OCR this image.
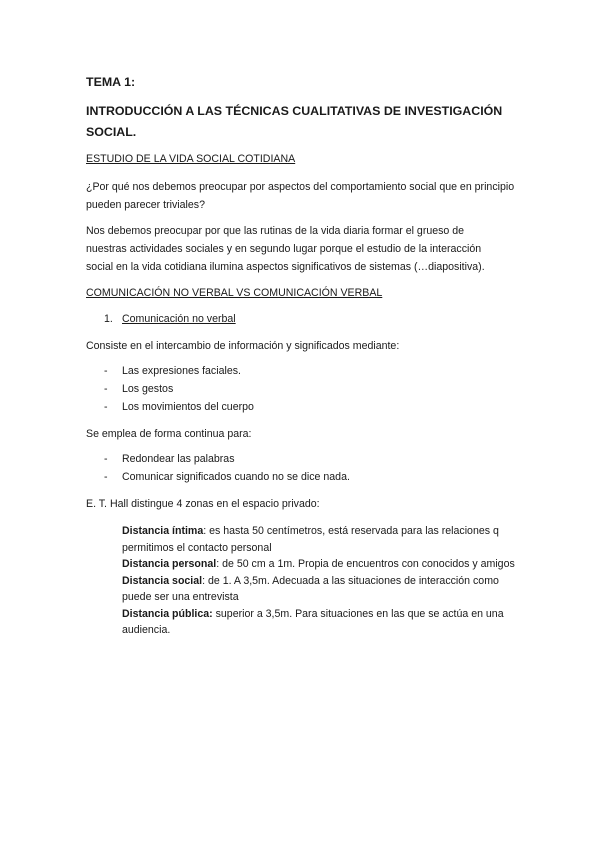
TEMA 1:
INTRODUCCIÓN A LAS TÉCNICAS CUALITATIVAS DE INVESTIGACIÓN SOCIAL.
ESTUDIO DE LA VIDA SOCIAL COTIDIANA
¿Por qué nos debemos preocupar por aspectos del comportamiento social que en principio pueden parecer triviales?
Nos debemos preocupar por que las rutinas de la vida diaria formar el grueso de nuestras actividades sociales y en segundo lugar porque el estudio de la interacción social en la vida cotidiana ilumina aspectos significativos de sistemas (…diapositiva).
COMUNICACIÓN NO VERBAL VS COMUNICACIÓN VERBAL
1. Comunicación no verbal
Consiste en el intercambio de información y significados mediante:
- Las expresiones faciales.
- Los gestos
- Los movimientos del cuerpo
Se emplea de forma continua para:
- Redondear las palabras
- Comunicar significados cuando no se dice nada.
E. T. Hall distingue 4 zonas en el espacio privado:
Distancia íntima: es hasta 50 centímetros, está reservada para las relaciones q permitimos el contacto personal
Distancia personal: de 50 cm a 1m. Propia de encuentros con conocidos y amigos
Distancia social: de 1. A 3,5m. Adecuada a las situaciones de interacción como puede ser una entrevista
Distancia pública: superior a 3,5m. Para situaciones en las que se actúa en una audiencia.
